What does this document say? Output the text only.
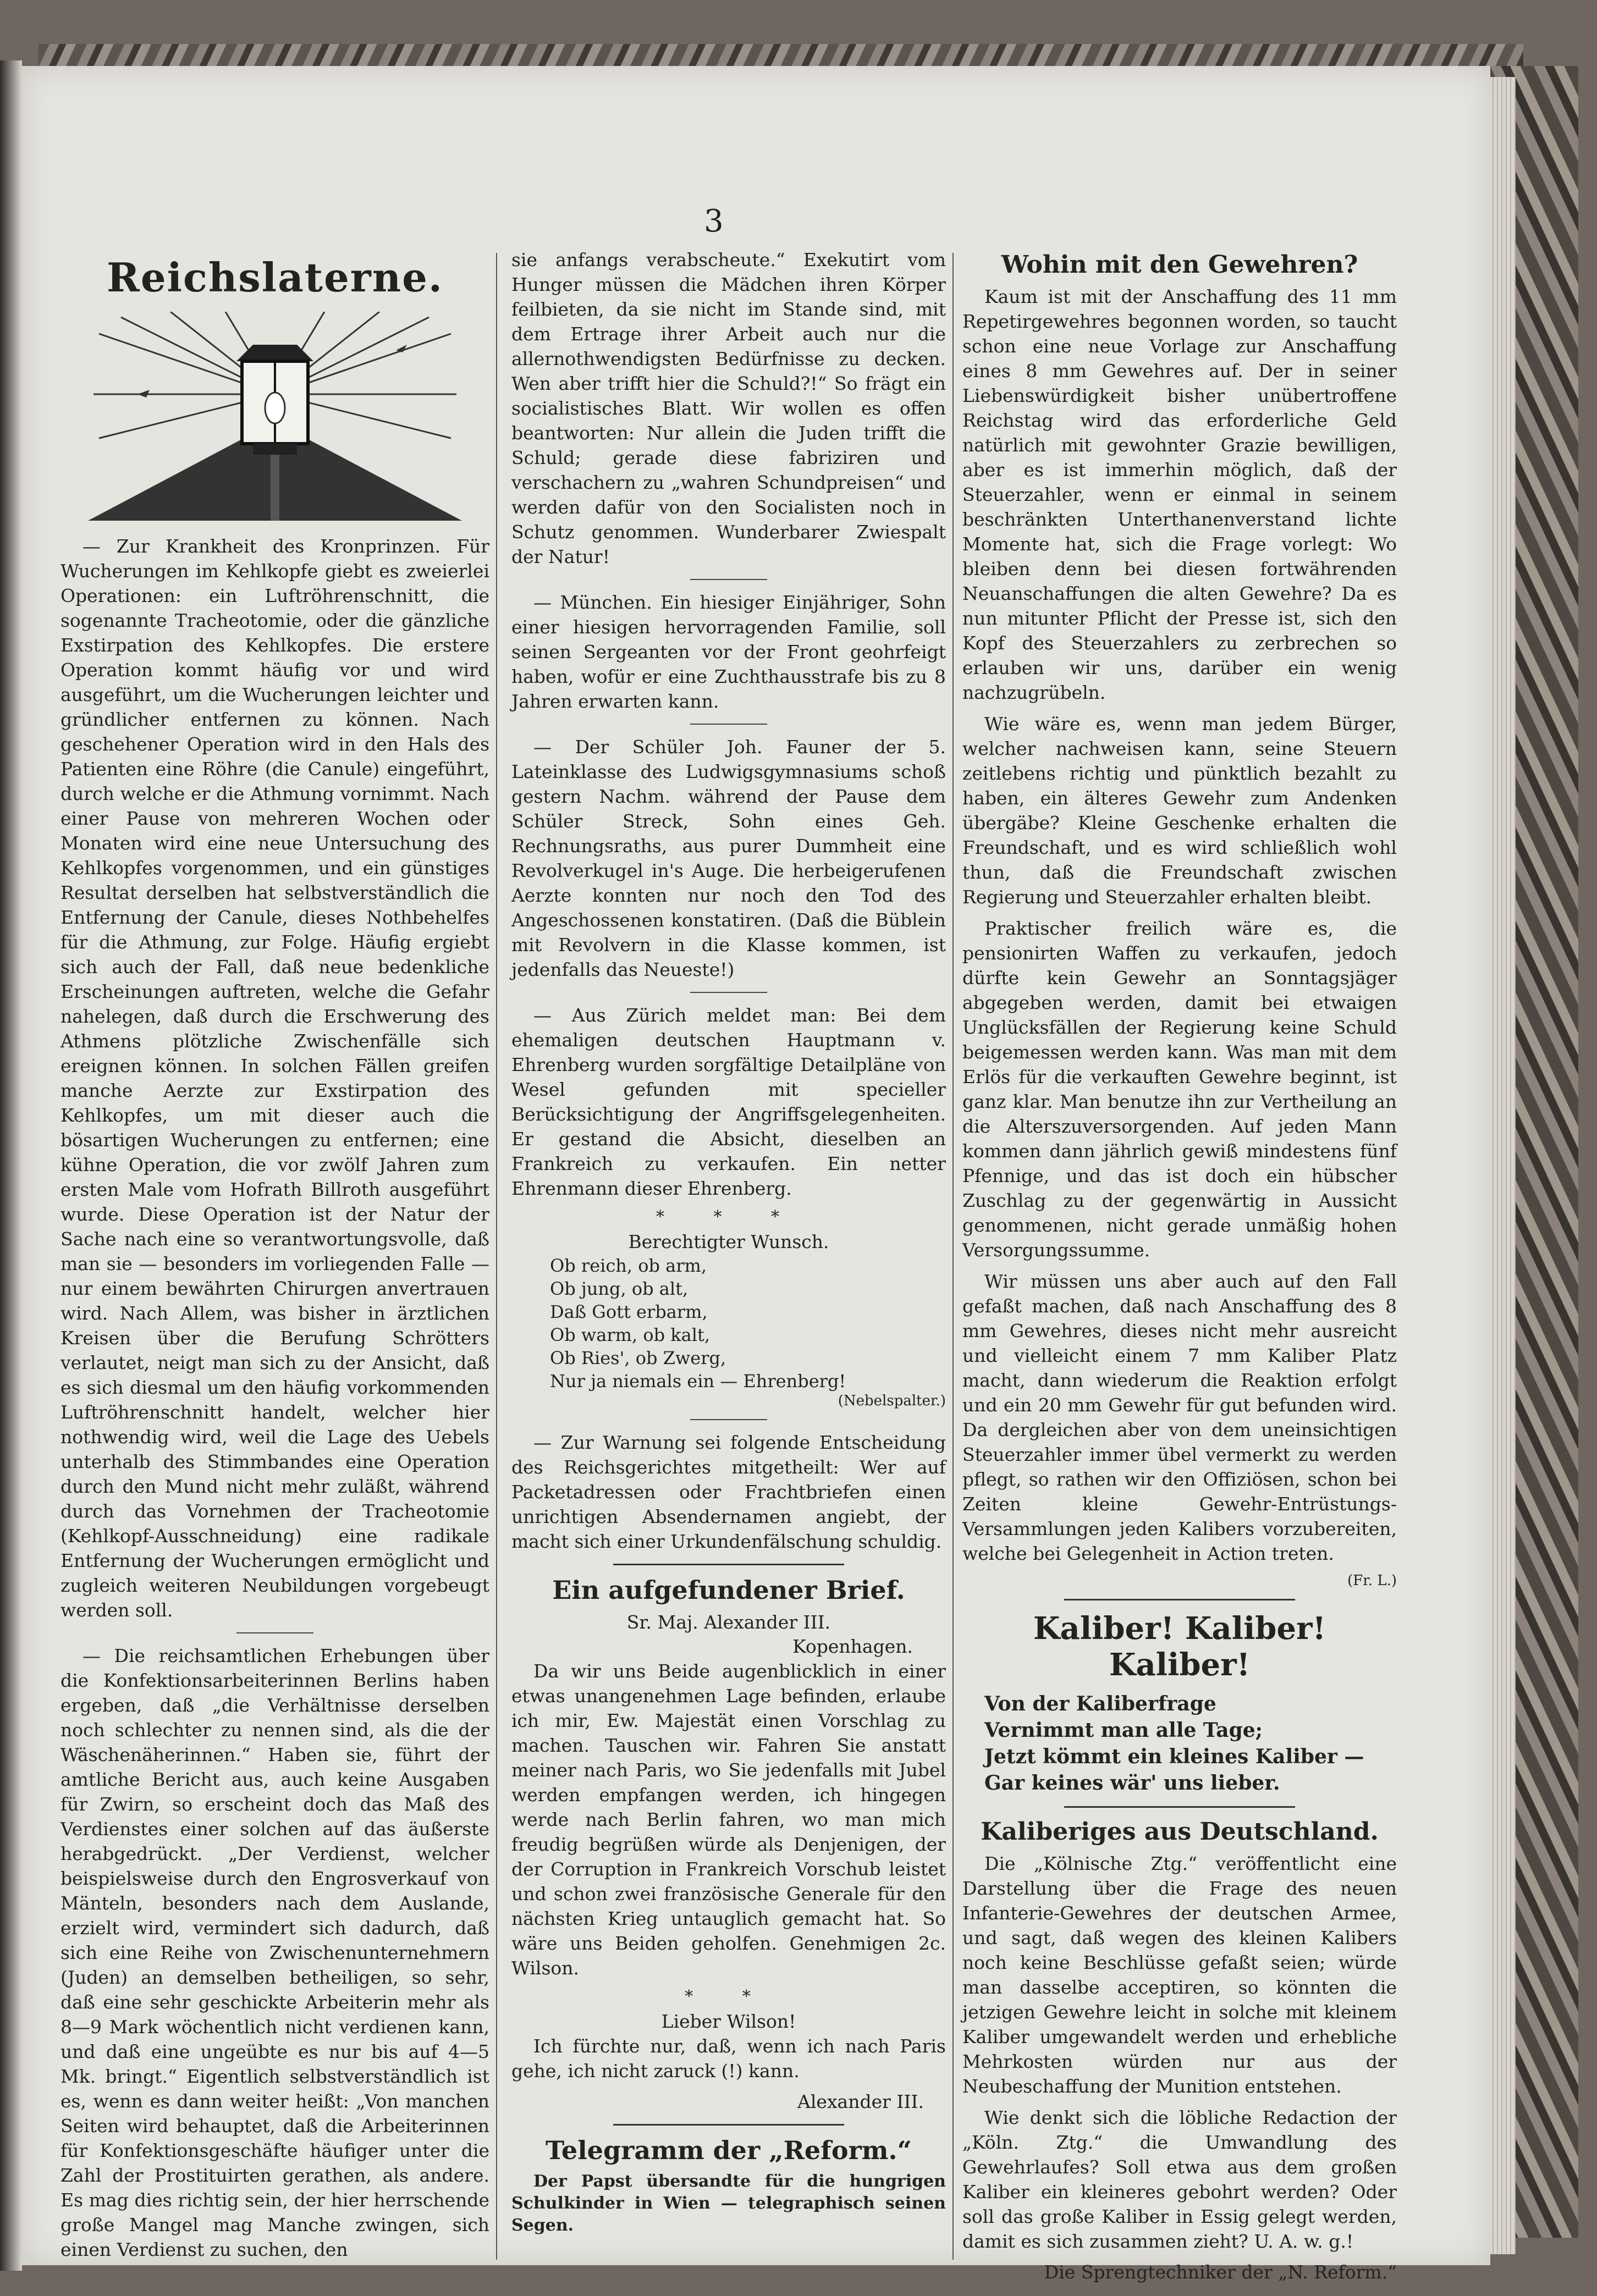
3
Reichslaterne.

— Zur Krankheit des Kronprinzen. Für Wucherungen im Kehlkopfe giebt es zweierlei Operationen: ein Luftröhrenschnitt, die sogenannte Tracheotomie, oder die gänzliche Exstirpation des Kehlkopfes. Die erstere Operation kommt häufig vor und wird ausgeführt, um die Wucherungen leichter und gründlicher entfernen zu können. Nach geschehener Operation wird in den Hals des Patienten eine Röhre (die Canule) eingeführt, durch welche er die Athmung vornimmt. Nach einer Pause von mehreren Wochen oder Monaten wird eine neue Untersuchung des Kehlkopfes vorgenommen, und ein günstiges Resultat derselben hat selbstverständlich die Entfernung der Canule, dieses Nothbehelfes für die Athmung, zur Folge. Häufig ergiebt sich auch der Fall, daß neue bedenkliche Erscheinungen auftreten, welche die Gefahr nahelegen, daß durch die Erschwerung des Athmens plötzliche Zwischenfälle sich ereignen können. In solchen Fällen greifen manche Aerzte zur Exstirpation des Kehlkopfes, um mit dieser auch die bösartigen Wucherungen zu entfernen; eine kühne Operation, die vor zwölf Jahren zum ersten Male vom Hofrath Billroth ausgeführt wurde. Diese Operation ist der Natur der Sache nach eine so verantwortungsvolle, daß man sie — besonders im vorliegenden Falle — nur einem bewährten Chirurgen anvertrauen wird. Nach Allem, was bisher in ärztlichen Kreisen über die Berufung Schrötters verlautet, neigt man sich zu der Ansicht, daß es sich diesmal um den häufig vorkommenden Luftröhrenschnitt handelt, welcher hier nothwendig wird, weil die Lage des Uebels unterhalb des Stimmbandes eine Operation durch den Mund nicht mehr zuläßt, während durch das Vornehmen der Tracheotomie (Kehlkopf-Ausschneidung) eine radikale Entfernung der Wucherungen ermöglicht und zugleich weiteren Neubildungen vorgebeugt werden soll.

— Die reichsamtlichen Erhebungen über die Konfektionsarbeiterinnen Berlins haben ergeben, daß „die Verhältnisse derselben noch schlechter zu nennen sind, als die der Wäschenäherinnen.“ Haben sie, führt der amtliche Bericht aus, auch keine Ausgaben für Zwirn, so erscheint doch das Maß des Verdienstes einer solchen auf das äußerste herabgedrückt. „Der Verdienst, welcher beispielsweise durch den Engrosverkauf von Mänteln, besonders nach dem Auslande, erzielt wird, vermindert sich dadurch, daß sich eine Reihe von Zwischenunternehmern (Juden) an demselben betheiligen, so sehr, daß eine sehr geschickte Arbeiterin mehr als 8—9 Mark wöchentlich nicht verdienen kann, und daß eine ungeübte es nur bis auf 4—5 Mk. bringt.“ Eigentlich selbstverständlich ist es, wenn es dann weiter heißt: „Von manchen Seiten wird behauptet, daß die Arbeiterinnen für Konfektionsgeschäfte häufiger unter die Zahl der Prostituirten gerathen, als andere. Es mag dies richtig sein, der hier herrschende große Mangel mag Manche zwingen, sich einen Verdienst zu suchen, den

sie anfangs verabscheute.“ Exekutirt vom Hunger müssen die Mädchen ihren Körper feilbieten, da sie nicht im Stande sind, mit dem Ertrage ihrer Arbeit auch nur die allernothwendigsten Bedürfnisse zu decken. Wen aber trifft hier die Schuld?!“ So frägt ein socialistisches Blatt. Wir wollen es offen beantworten: Nur allein die Juden trifft die Schuld; gerade diese fabriziren und verschachern zu „wahren Schundpreisen“ und werden dafür von den Socialisten noch in Schutz genommen. Wunderbarer Zwiespalt der Natur!

— München. Ein hiesiger Einjähriger, Sohn einer hiesigen hervorragenden Familie, soll seinen Sergeanten vor der Front geohrfeigt haben, wofür er eine Zuchthausstrafe bis zu 8 Jahren erwarten kann.

— Der Schüler Joh. Fauner der 5. Lateinklasse des Ludwigsgymnasiums schoß gestern Nachm. während der Pause dem Schüler Streck, Sohn eines Geh. Rechnungsraths, aus purer Dummheit eine Revolverkugel in's Auge. Die herbeigerufenen Aerzte konnten nur noch den Tod des Angeschossenen konstatiren. (Daß die Büblein mit Revolvern in die Klasse kommen, ist jedenfalls das Neueste!)

— Aus Zürich meldet man: Bei dem ehemaligen deutschen Hauptmann v. Ehrenberg wurden sorgfältige Detailpläne von Wesel gefunden mit specieller Berücksichtigung der Angriffsgelegenheiten. Er gestand die Absicht, dieselben an Frankreich zu verkaufen. Ein netter Ehrenmann dieser Ehrenberg.

* * *
Berechtigter Wunsch.
Ob reich, ob arm,
Ob jung, ob alt,
Daß Gott erbarm,
Ob warm, ob kalt,
Ob Ries', ob Zwerg,
Nur ja niemals ein — Ehrenberg!
(Nebelspalter.)

— Zur Warnung sei folgende Entscheidung des Reichsgerichtes mitgetheilt: Wer auf Packetadressen oder Frachtbriefen einen unrichtigen Absendernamen angiebt, der macht sich einer Urkundenfälschung schuldig.

Ein aufgefundener Brief.
Sr. Maj. Alexander III.
Kopenhagen.

Da wir uns Beide augenblicklich in einer etwas unangenehmen Lage befinden, erlaube ich mir, Ew. Majestät einen Vorschlag zu machen. Tauschen wir. Fahren Sie anstatt meiner nach Paris, wo Sie jedenfalls mit Jubel werden empfangen werden, ich hingegen werde nach Berlin fahren, wo man mich freudig begrüßen würde als Denjenigen, der der Corruption in Frankreich Vorschub leistet und schon zwei französische Generale für den nächsten Krieg untauglich gemacht hat. So wäre uns Beiden geholfen. Genehmigen 2c. Wilson.

* *
Lieber Wilson!

Ich fürchte nur, daß, wenn ich nach Paris gehe, ich nicht zaruck (!) kann.

Alexander III.
Telegramm der „Reform.“

Der Papst übersandte für die hungrigen Schulkinder in Wien — telegraphisch seinen Segen.

Wohin mit den Gewehren?

Kaum ist mit der Anschaffung des 11 mm Repetirgewehres begonnen worden, so taucht schon eine neue Vorlage zur Anschaffung eines 8 mm Gewehres auf. Der in seiner Liebenswürdigkeit bisher unübertroffene Reichstag wird das erforderliche Geld natürlich mit gewohnter Grazie bewilligen, aber es ist immerhin möglich, daß der Steuerzahler, wenn er einmal in seinem beschränkten Unterthanenverstand lichte Momente hat, sich die Frage vorlegt: Wo bleiben denn bei diesen fortwährenden Neuanschaffungen die alten Gewehre? Da es nun mitunter Pflicht der Presse ist, sich den Kopf des Steuerzahlers zu zerbrechen so erlauben wir uns, darüber ein wenig nachzugrübeln.

Wie wäre es, wenn man jedem Bürger, welcher nachweisen kann, seine Steuern zeitlebens richtig und pünktlich bezahlt zu haben, ein älteres Gewehr zum Andenken übergäbe? Kleine Geschenke erhalten die Freundschaft, und es wird schließlich wohl thun, daß die Freundschaft zwischen Regierung und Steuerzahler erhalten bleibt.

Praktischer freilich wäre es, die pensionirten Waffen zu verkaufen, jedoch dürfte kein Gewehr an Sonntagsjäger abgegeben werden, damit bei etwaigen Unglücksfällen der Regierung keine Schuld beigemessen werden kann. Was man mit dem Erlös für die verkauften Gewehre beginnt, ist ganz klar. Man benutze ihn zur Vertheilung an die Alterszuversorgenden. Auf jeden Mann kommen dann jährlich gewiß mindestens fünf Pfennige, und das ist doch ein hübscher Zuschlag zu der gegenwärtig in Aussicht genommenen, nicht gerade unmäßig hohen Versorgungssumme.

Wir müssen uns aber auch auf den Fall gefaßt machen, daß nach Anschaffung des 8 mm Gewehres, dieses nicht mehr ausreicht und vielleicht einem 7 mm Kaliber Platz macht, dann wiederum die Reaktion erfolgt und ein 20 mm Gewehr für gut befunden wird. Da dergleichen aber von dem uneinsichtigen Steuerzahler immer übel vermerkt zu werden pflegt, so rathen wir den Offiziösen, schon bei Zeiten kleine Gewehr-Entrüstungs-Versammlungen jeden Kalibers vorzubereiten, welche bei Gelegenheit in Action treten.

(Fr. L.)
Kaliber! Kaliber! Kaliber!
Von der Kaliberfrage
Vernimmt man alle Tage;
Jetzt kömmt ein kleines Kaliber —
Gar keines wär' uns lieber.
Kaliberiges aus Deutschland.

Die „Kölnische Ztg.“ veröffentlicht eine Darstellung über die Frage des neuen Infanterie-Gewehres der deutschen Armee, und sagt, daß wegen des kleinen Kalibers noch keine Beschlüsse gefaßt seien; würde man dasselbe acceptiren, so könnten die jetzigen Gewehre leicht in solche mit kleinem Kaliber umgewandelt werden und erhebliche Mehrkosten würden nur aus der Neubeschaffung der Munition entstehen.

Wie denkt sich die löbliche Redaction der „Köln. Ztg.“ die Umwandlung des Gewehrlaufes? Soll etwa aus dem großen Kaliber ein kleineres gebohrt werden? Oder soll das große Kaliber in Essig gelegt werden, damit es sich zusammen zieht? U. A. w. g.!

Die Sprengtechniker der „N. Reform.“
